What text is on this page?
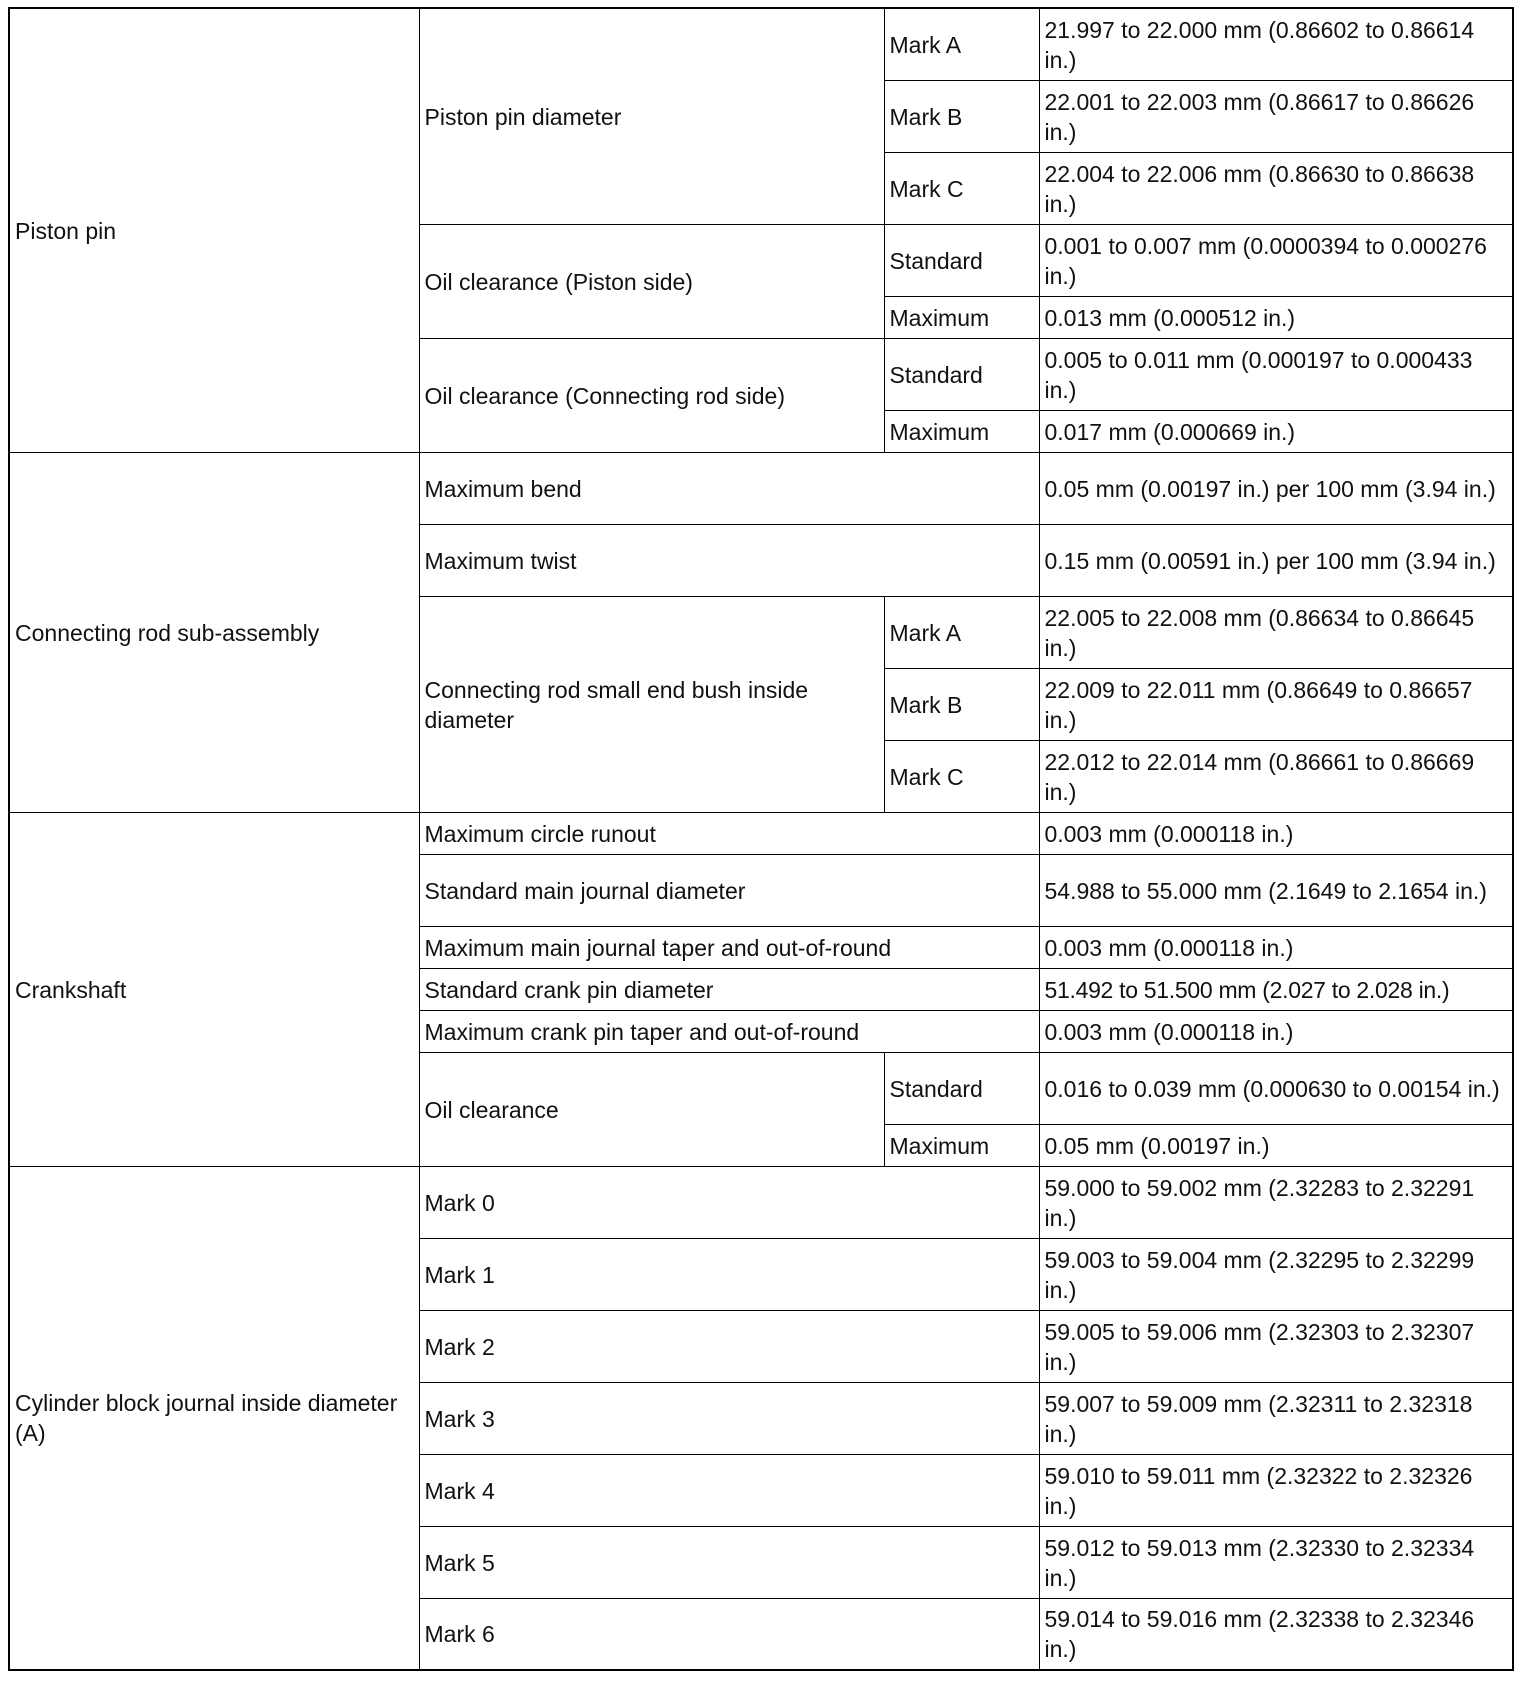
Piston pin	Piston pin diameter	Mark A	21.997 to 22.000 mm (0.86602 to 0.86614 in.)
		Mark B	22.001 to 22.003 mm (0.86617 to 0.86626 in.)
		Mark C	22.004 to 22.006 mm (0.86630 to 0.86638 in.)
	Oil clearance (Piston side)	Standard	0.001 to 0.007 mm (0.0000394 to 0.000276 in.)
		Maximum	0.013 mm (0.000512 in.)
	Oil clearance (Connecting rod side)	Standard	0.005 to 0.011 mm (0.000197 to 0.000433 in.)
		Maximum	0.017 mm (0.000669 in.)
Connecting rod sub-assembly	Maximum bend		0.05 mm (0.00197 in.) per 100 mm (3.94 in.)
	Maximum twist		0.15 mm (0.00591 in.) per 100 mm (3.94 in.)
	Connecting rod small end bush inside diameter	Mark A	22.005 to 22.008 mm (0.86634 to 0.86645 in.)
		Mark B	22.009 to 22.011 mm (0.86649 to 0.86657 in.)
		Mark C	22.012 to 22.014 mm (0.86661 to 0.86669 in.)
Crankshaft	Maximum circle runout		0.003 mm (0.000118 in.)
	Standard main journal diameter		54.988 to 55.000 mm (2.1649 to 2.1654 in.)
	Maximum main journal taper and out-of-round		0.003 mm (0.000118 in.)
	Standard crank pin diameter		51.492 to 51.500 mm (2.027 to 2.028 in.)
	Maximum crank pin taper and out-of-round		0.003 mm (0.000118 in.)
	Oil clearance	Standard	0.016 to 0.039 mm (0.000630 to 0.00154 in.)
		Maximum	0.05 mm (0.00197 in.)
Cylinder block journal inside diameter (A)	Mark 0		59.000 to 59.002 mm (2.32283 to 2.32291 in.)
	Mark 1		59.003 to 59.004 mm (2.32295 to 2.32299 in.)
	Mark 2		59.005 to 59.006 mm (2.32303 to 2.32307 in.)
	Mark 3		59.007 to 59.009 mm (2.32311 to 2.32318 in.)
	Mark 4		59.010 to 59.011 mm (2.32322 to 2.32326 in.)
	Mark 5		59.012 to 59.013 mm (2.32330 to 2.32334 in.)
	Mark 6		59.014 to 59.016 mm (2.32338 to 2.32346 in.)
